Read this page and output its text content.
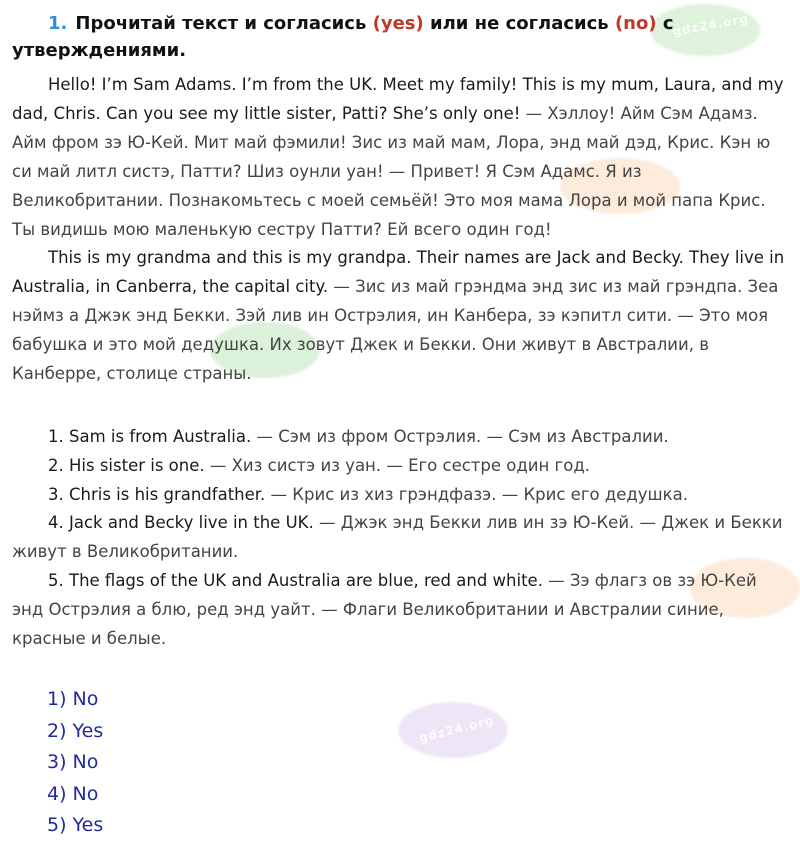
gdz24.org
gdz24.org
1. Прочитай текст и согласись (yes) или не согласись (no) с утверждениями.

Hello! I’m Sam Adams. I’m from the UK. Meet my family! This is my mum, Laura, and my dad, Chris. Can you see my little sister, Patti? She’s only one! — Хэллоу! Айм Сэм Адамз. Айм фром зэ Ю-Кей. Мит май фэмили! Зис из май мам, Лора, энд май дэд, Крис. Кэн ю си май литл систэ, Патти? Шиз оунли уан! — Привет! Я Сэм Адамс. Я из Великобритании. Познакомьтесь с моей семьёй! Это моя мама Лора и мой папа Крис. Ты видишь мою маленькую сестру Патти? Ей всего один год!

This is my grandma and this is my grandpa. Their names are Jack and Becky. They live in Australia, in Canberra, the capital city. — Зис из май грэндма энд зис из май грэндпа. Зеа нэймз а Джэк энд Бекки. Зэй лив ин Острэлия, ин Канбера, зэ кэпитл сити. — Это моя бабушка и это мой дедушка. Их зовут Джек и Бекки. Они живут в Австралии, в Канберре, столице страны.

1. Sam is from Australia. — Сэм из фром Острэлия. — Сэм из Австралии.

2. His sister is one. — Хиз систэ из уан. — Его сестре один год.

3. Chris is his grandfather. — Крис из хиз грэндфазэ. — Крис его дедушка.

4. Jack and Becky live in the UK. — Джэк энд Бекки лив ин зэ Ю-Кей. — Джек и Бекки живут в Великобритании.

5. The flags of the UK and Australia are blue, red and white. — Зэ флагз ов зэ Ю-Кей энд Острэлия а блю, ред энд уайт. — Флаги Великобритании и Австралии синие, красные и белые.

1) No
2) Yes
3) No
4) No
5) Yes
